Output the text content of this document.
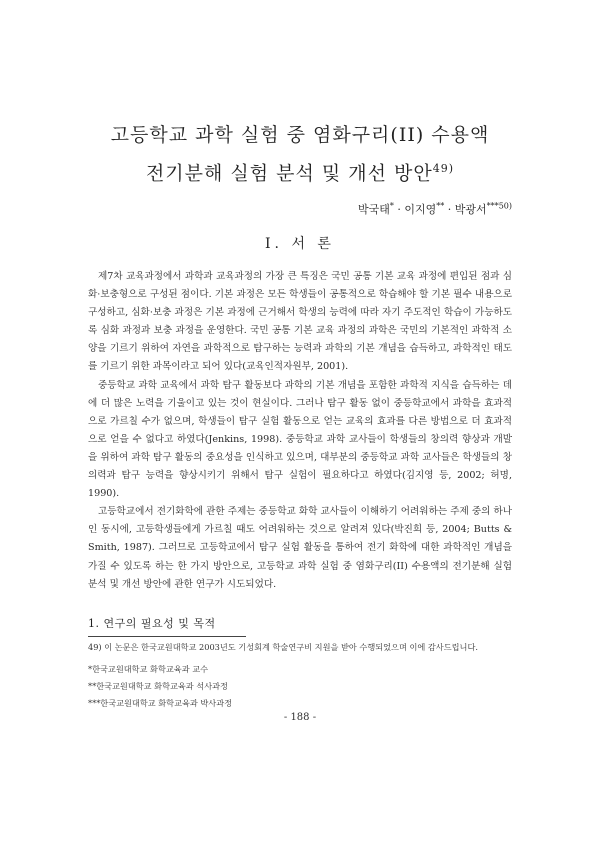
고등학교 과학 실험 중 염화구리(II) 수용액
전기분해 실험 분석 및 개선 방안$^{49)}$
박국태* · 이지영** · 박광서$^{***50)}$
I. 서 론

제7차 교육과정에서 과학과 교육과정의 가장 큰 특징은 국민 공통 기본 교육 과정에 편입된 점과 심화·보충형으로 구성된 점이다. 기본 과정은 모든 학생들이 공통적으로 학습해야 할 기본 필수 내용으로 구성하고, 심화·보충 과정은 기본 과정에 근거해서 학생의 능력에 따라 자기 주도적인 학습이 가능하도록 심화 과정과 보충 과정을 운영한다. 국민 공통 기본 교육 과정의 과학은 국민의 기본적인 과학적 소양을 기르기 위하여 자연을 과학적으로 탐구하는 능력과 과학의 기본 개념을 습득하고, 과학적인 태도를 기르기 위한 과목이라고 되어 있다(교육인적자원부, 2001).

중등학교 과학 교육에서 과학 탐구 활동보다 과학의 기본 개념을 포함한 과학적 지식을 습득하는 데에 더 많은 노력을 기울이고 있는 것이 현실이다. 그러나 탐구 활동 없이 중등학교에서 과학을 효과적으로 가르칠 수가 없으며, 학생들이 탐구 실험 활동으로 얻는 교육의 효과를 다른 방법으로 더 효과적으로 얻을 수 없다고 하였다(Jenkins, 1998). 중등학교 과학 교사들이 학생들의 창의력 향상과 개발을 위하여 과학 탐구 활동의 중요성을 인식하고 있으며, 대부분의 중등학교 과학 교사들은 학생들의 창의력과 탐구 능력을 향상시키기 위해서 탐구 실험이 필요하다고 하였다(김지영 등, 2002; 허명, 1990).

고등학교에서 전기화학에 관한 주제는 중등학교 화학 교사들이 이해하기 어려워하는 주제 중의 하나인 동시에, 고등학생들에게 가르칠 때도 어려워하는 것으로 알려져 있다(박진희 등, 2004; Butts & Smith, 1987). 그러므로 고등학교에서 탐구 실험 활동을 통하여 전기 화학에 대한 과학적인 개념을 가질 수 있도록 하는 한 가지 방안으로, 고등학교 과학 실험 중 염화구리(II) 수용액의 전기분해 실험 분석 및 개선 방안에 관한 연구가 시도되었다.

1. 연구의 필요성 및 목적

49) 이 논문은 한국교원대학교 2003년도 기성회계 학술연구비 지원을 받아 수행되었으며 이에 감사드립니다.

*한국교원대학교 화학교육과 교수

**한국교원대학교 화학교육과 석사과정

***한국교원대학교 화학교육과 박사과정

- 188 -
